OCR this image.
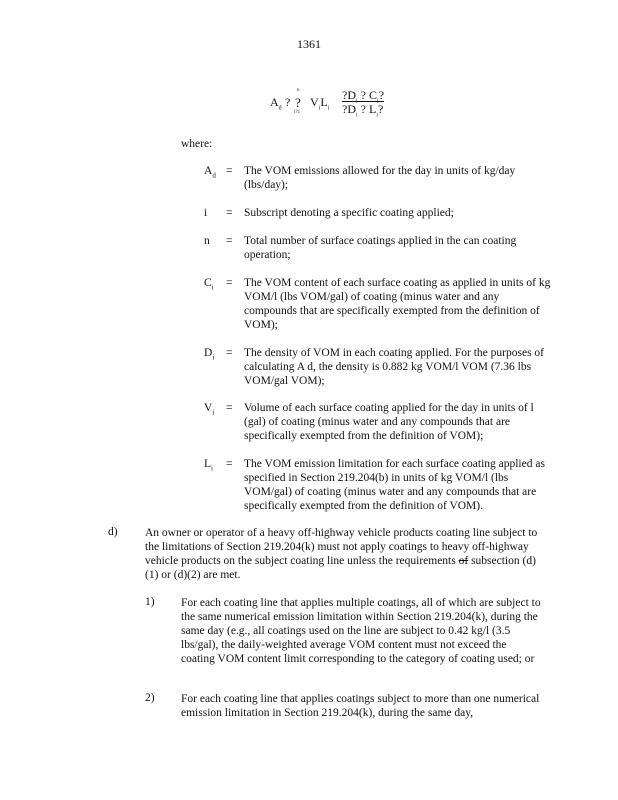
1361
$A_d$ ?
n
?
i?1
$V_iL_i$
$?D_i$ ? $C_i$?
$?D_i$ ? $L_i$?
where:
$A_d$ =	The VOM emissions allowed for the day in units of kg/day (lbs/day);
i	=	Subscript denoting a specific coating applied;
n	=	Total number of surface coatings applied in the can coating operation;
$C_i$	=	The VOM content of each surface coating as applied in units of kg VOM/l (lbs VOM/gal) of coating (minus water and any compounds that are specifically exempted from the definition of VOM);
$D_i$	=	The density of VOM in each coating applied. For the purposes of calculating A d, the density is 0.882 kg VOM/l VOM (7.36 lbs VOM/gal VOM);
$V_i$	=	Volume of each surface coating applied for the day in units of l (gal) of coating (minus water and any compounds that are specifically exempted from the definition of VOM);
$L_i$	=	The VOM emission limitation for each surface coating applied as specified in Section 219.204(b) in units of kg VOM/l (lbs VOM/gal) of coating (minus water and any compounds that are specifically exempted from the definition of VOM).
d) An owner or operator of a heavy off-highway vehicle products coating line subject to the limitations of Section 219.204(k) must not apply coatings to heavy off-highway vehicle products on the subject coating line unless the requirements of subsection (d)(1) or (d)(2) are met.
1) For each coating line that applies multiple coatings, all of which are subject to the same numerical emission limitation within Section 219.204(k), during the same day (e.g., all coatings used on the line are subject to 0.42 kg/l (3.5 lbs/gal), the daily-weighted average VOM content must not exceed the coating VOM content limit corresponding to the category of coating used; or
2) For each coating line that applies coatings subject to more than one numerical emission limitation in Section 219.204(k), during the same day,
